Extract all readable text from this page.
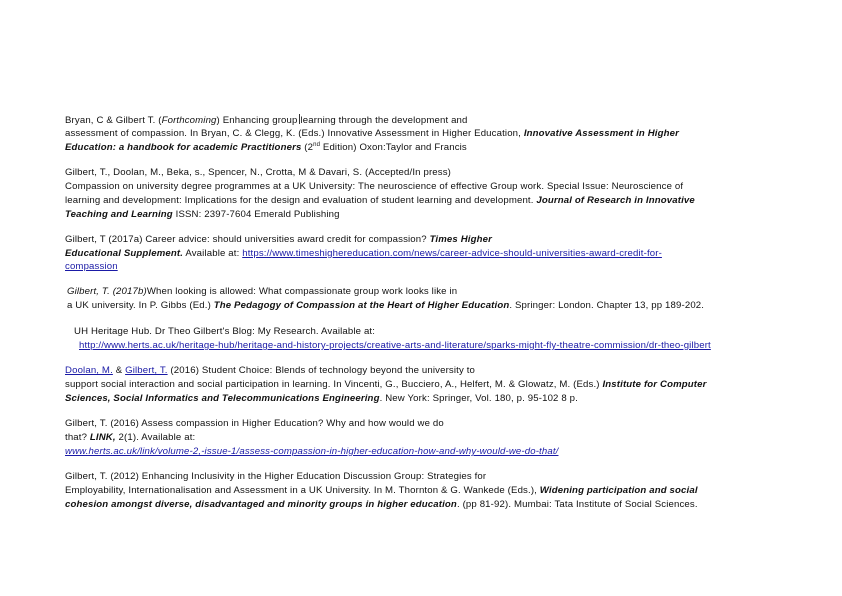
Bryan, C & Gilbert T. (Forthcoming) Enhancing group learning through the development and
assessment of compassion. In Bryan, C. & Clegg, K. (Eds.) Innovative Assessment in Higher Education, Innovative Assessment in Higher
Education: a handbook for academic Practitioners (2nd Edition) Oxon:Taylor and Francis
Gilbert, T., Doolan, M., Beka, s., Spencer, N., Crotta, M & Davari, S. (Accepted/In press)
Compassion on university degree programmes at a UK University: The neuroscience of effective Group work. Special Issue: Neuroscience of
learning and development: Implications for the design and evaluation of student learning and development. Journal of Research in Innovative
Teaching and Learning ISSN: 2397-7604 Emerald Publishing
Gilbert, T (2017a) Career advice: should universities award credit for compassion? Times Higher
Educational Supplement. Available at: https://www.timeshighereducation.com/news/career-advice-should-universities-award-credit-for-
compassion
Gilbert, T. (2017b)When looking is allowed: What compassionate group work looks like in
a UK university. In P. Gibbs (Ed.) The Pedagogy of Compassion at the Heart of Higher Education. Springer: London. Chapter 13, pp 189-202.
UH Heritage Hub. Dr Theo Gilbert's Blog: My Research. Available at:
http://www.herts.ac.uk/heritage-hub/heritage-and-history-projects/creative-arts-and-literature/sparks-might-fly-theatre-commission/dr-theo-gilbert
Doolan, M. & Gilbert, T. (2016) Student Choice: Blends of technology beyond the university to
support social interaction and social participation in learning. In Vincenti, G., Bucciero, A., Helfert, M. & Glowatz, M. (Eds.) Institute for Computer
Sciences, Social Informatics and Telecommunications Engineering. New York: Springer, Vol. 180, p. 95-102 8 p.
Gilbert, T. (2016) Assess compassion in Higher Education? Why and how would we do
that? LINK, 2(1). Available at:
www.herts.ac.uk/link/volume-2,-issue-1/assess-compassion-in-higher-education-how-and-why-would-we-do-that/
Gilbert, T. (2012) Enhancing Inclusivity in the Higher Education Discussion Group: Strategies for
Employability, Internationalisation and Assessment in a UK University. In M. Thornton & G. Wankede (Eds.), Widening participation and social
cohesion amongst diverse, disadvantaged and minority groups in higher education. (pp 81-92). Mumbai: Tata Institute of Social Sciences.
